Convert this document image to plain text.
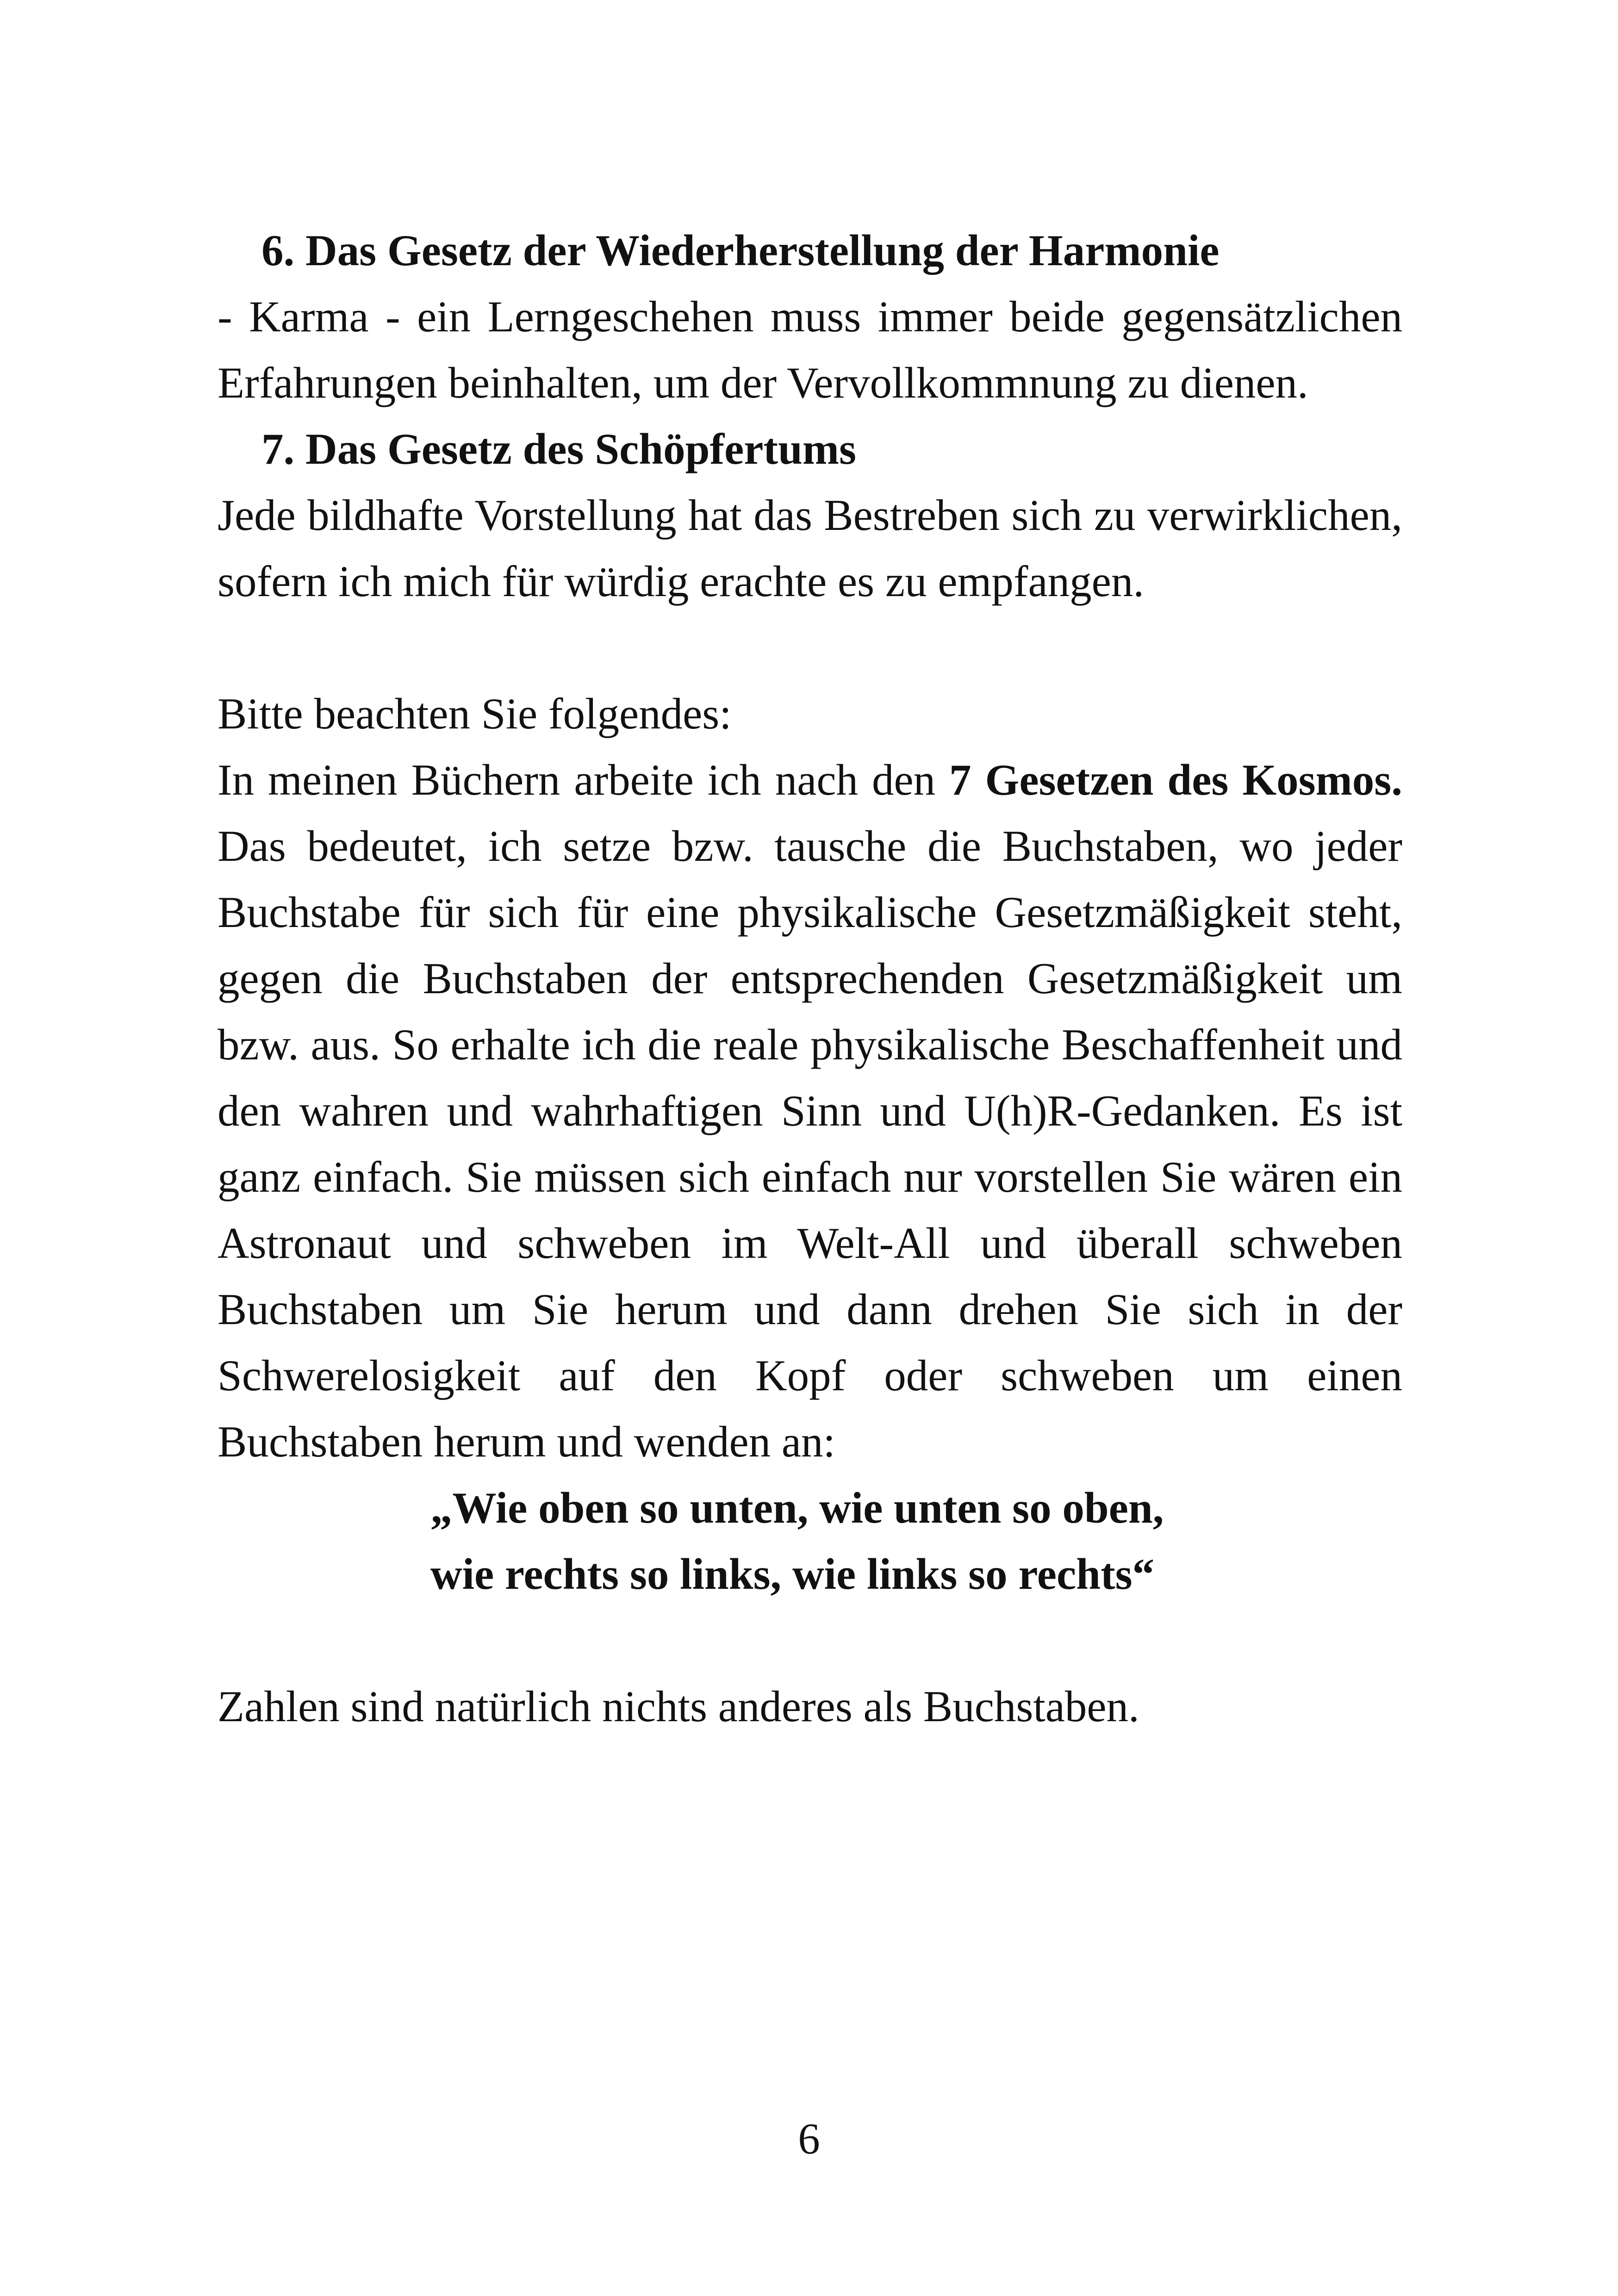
6. Das Gesetz der Wiederherstellung der Harmonie

- Karma - ein Lerngeschehen muss immer beide gegensätzlichen Erfahrungen beinhalten, um der Vervollkommnung zu dienen.

7. Das Gesetz des Schöpfertums

Jede bildhafte Vorstellung hat das Bestreben sich zu verwirklichen, sofern ich mich für würdig erachte es zu empfangen.

Bitte beachten Sie folgendes:

In meinen Büchern arbeite ich nach den 7 Gesetzen des Kosmos. Das bedeutet, ich setze bzw. tausche die Buchstaben, wo jeder Buchstabe für sich für eine physikalische Gesetzmäßigkeit steht, gegen die Buchstaben der entsprechenden Gesetzmäßigkeit um bzw. aus. So erhalte ich die reale physikalische Beschaffenheit und den wahren und wahrhaftigen Sinn und U(h)R-Gedanken. Es ist ganz einfach. Sie müssen sich einfach nur vorstellen Sie wären ein Astronaut und schweben im Welt-All und überall schweben Buchstaben um Sie herum und dann drehen Sie sich in der Schwerelosigkeit auf den Kopf oder schweben um einen Buchstaben herum und wenden an:

„Wie oben so unten, wie unten so oben,

wie rechts so links, wie links so rechts“

Zahlen sind natürlich nichts anderes als Buchstaben.

6
